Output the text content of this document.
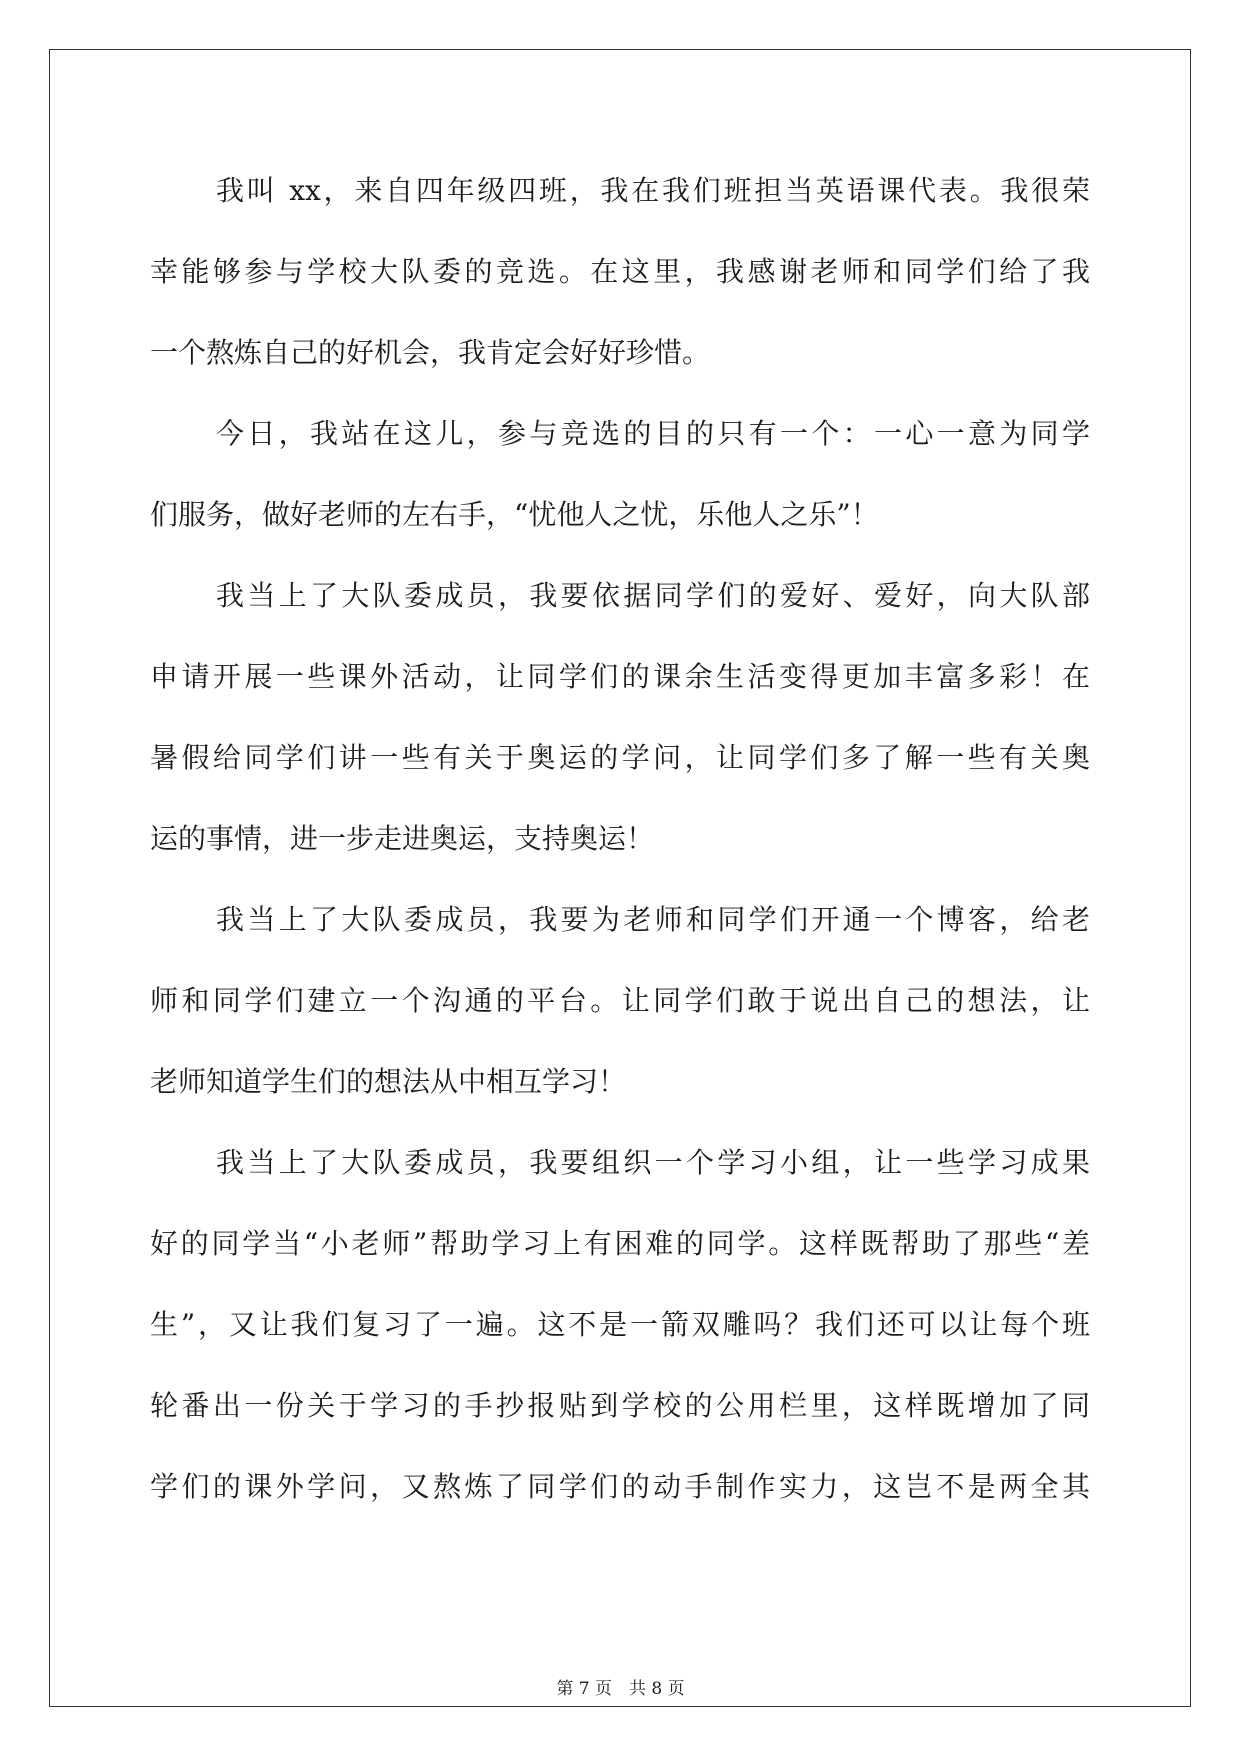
我叫 xx，来自四年级四班，我在我们班担当英语课代表。我很荣
幸能够参与学校大队委的竞选。在这里，我感谢老师和同学们给了我
一个熬炼自己的好机会，我肯定会好好珍惜。
今日，我站在这儿，参与竞选的目的只有一个：一心一意为同学
们服务，做好老师的左右手，“忧他人之忧，乐他人之乐”！
我当上了大队委成员，我要依据同学们的爱好、爱好，向大队部
申请开展一些课外活动，让同学们的课余生活变得更加丰富多彩！在
暑假给同学们讲一些有关于奥运的学问，让同学们多了解一些有关奥
运的事情，进一步走进奥运，支持奥运！
我当上了大队委成员，我要为老师和同学们开通一个博客，给老
师和同学们建立一个沟通的平台。让同学们敢于说出自己的想法，让
老师知道学生们的想法从中相互学习！
我当上了大队委成员，我要组织一个学习小组，让一些学习成果
好的同学当“小老师”帮助学习上有困难的同学。这样既帮助了那些“差
生”，又让我们复习了一遍。这不是一箭双雕吗？我们还可以让每个班
轮番出一份关于学习的手抄报贴到学校的公用栏里，这样既增加了同
学们的课外学问，又熬炼了同学们的动手制作实力，这岂不是两全其
第 7 页　共 8 页
